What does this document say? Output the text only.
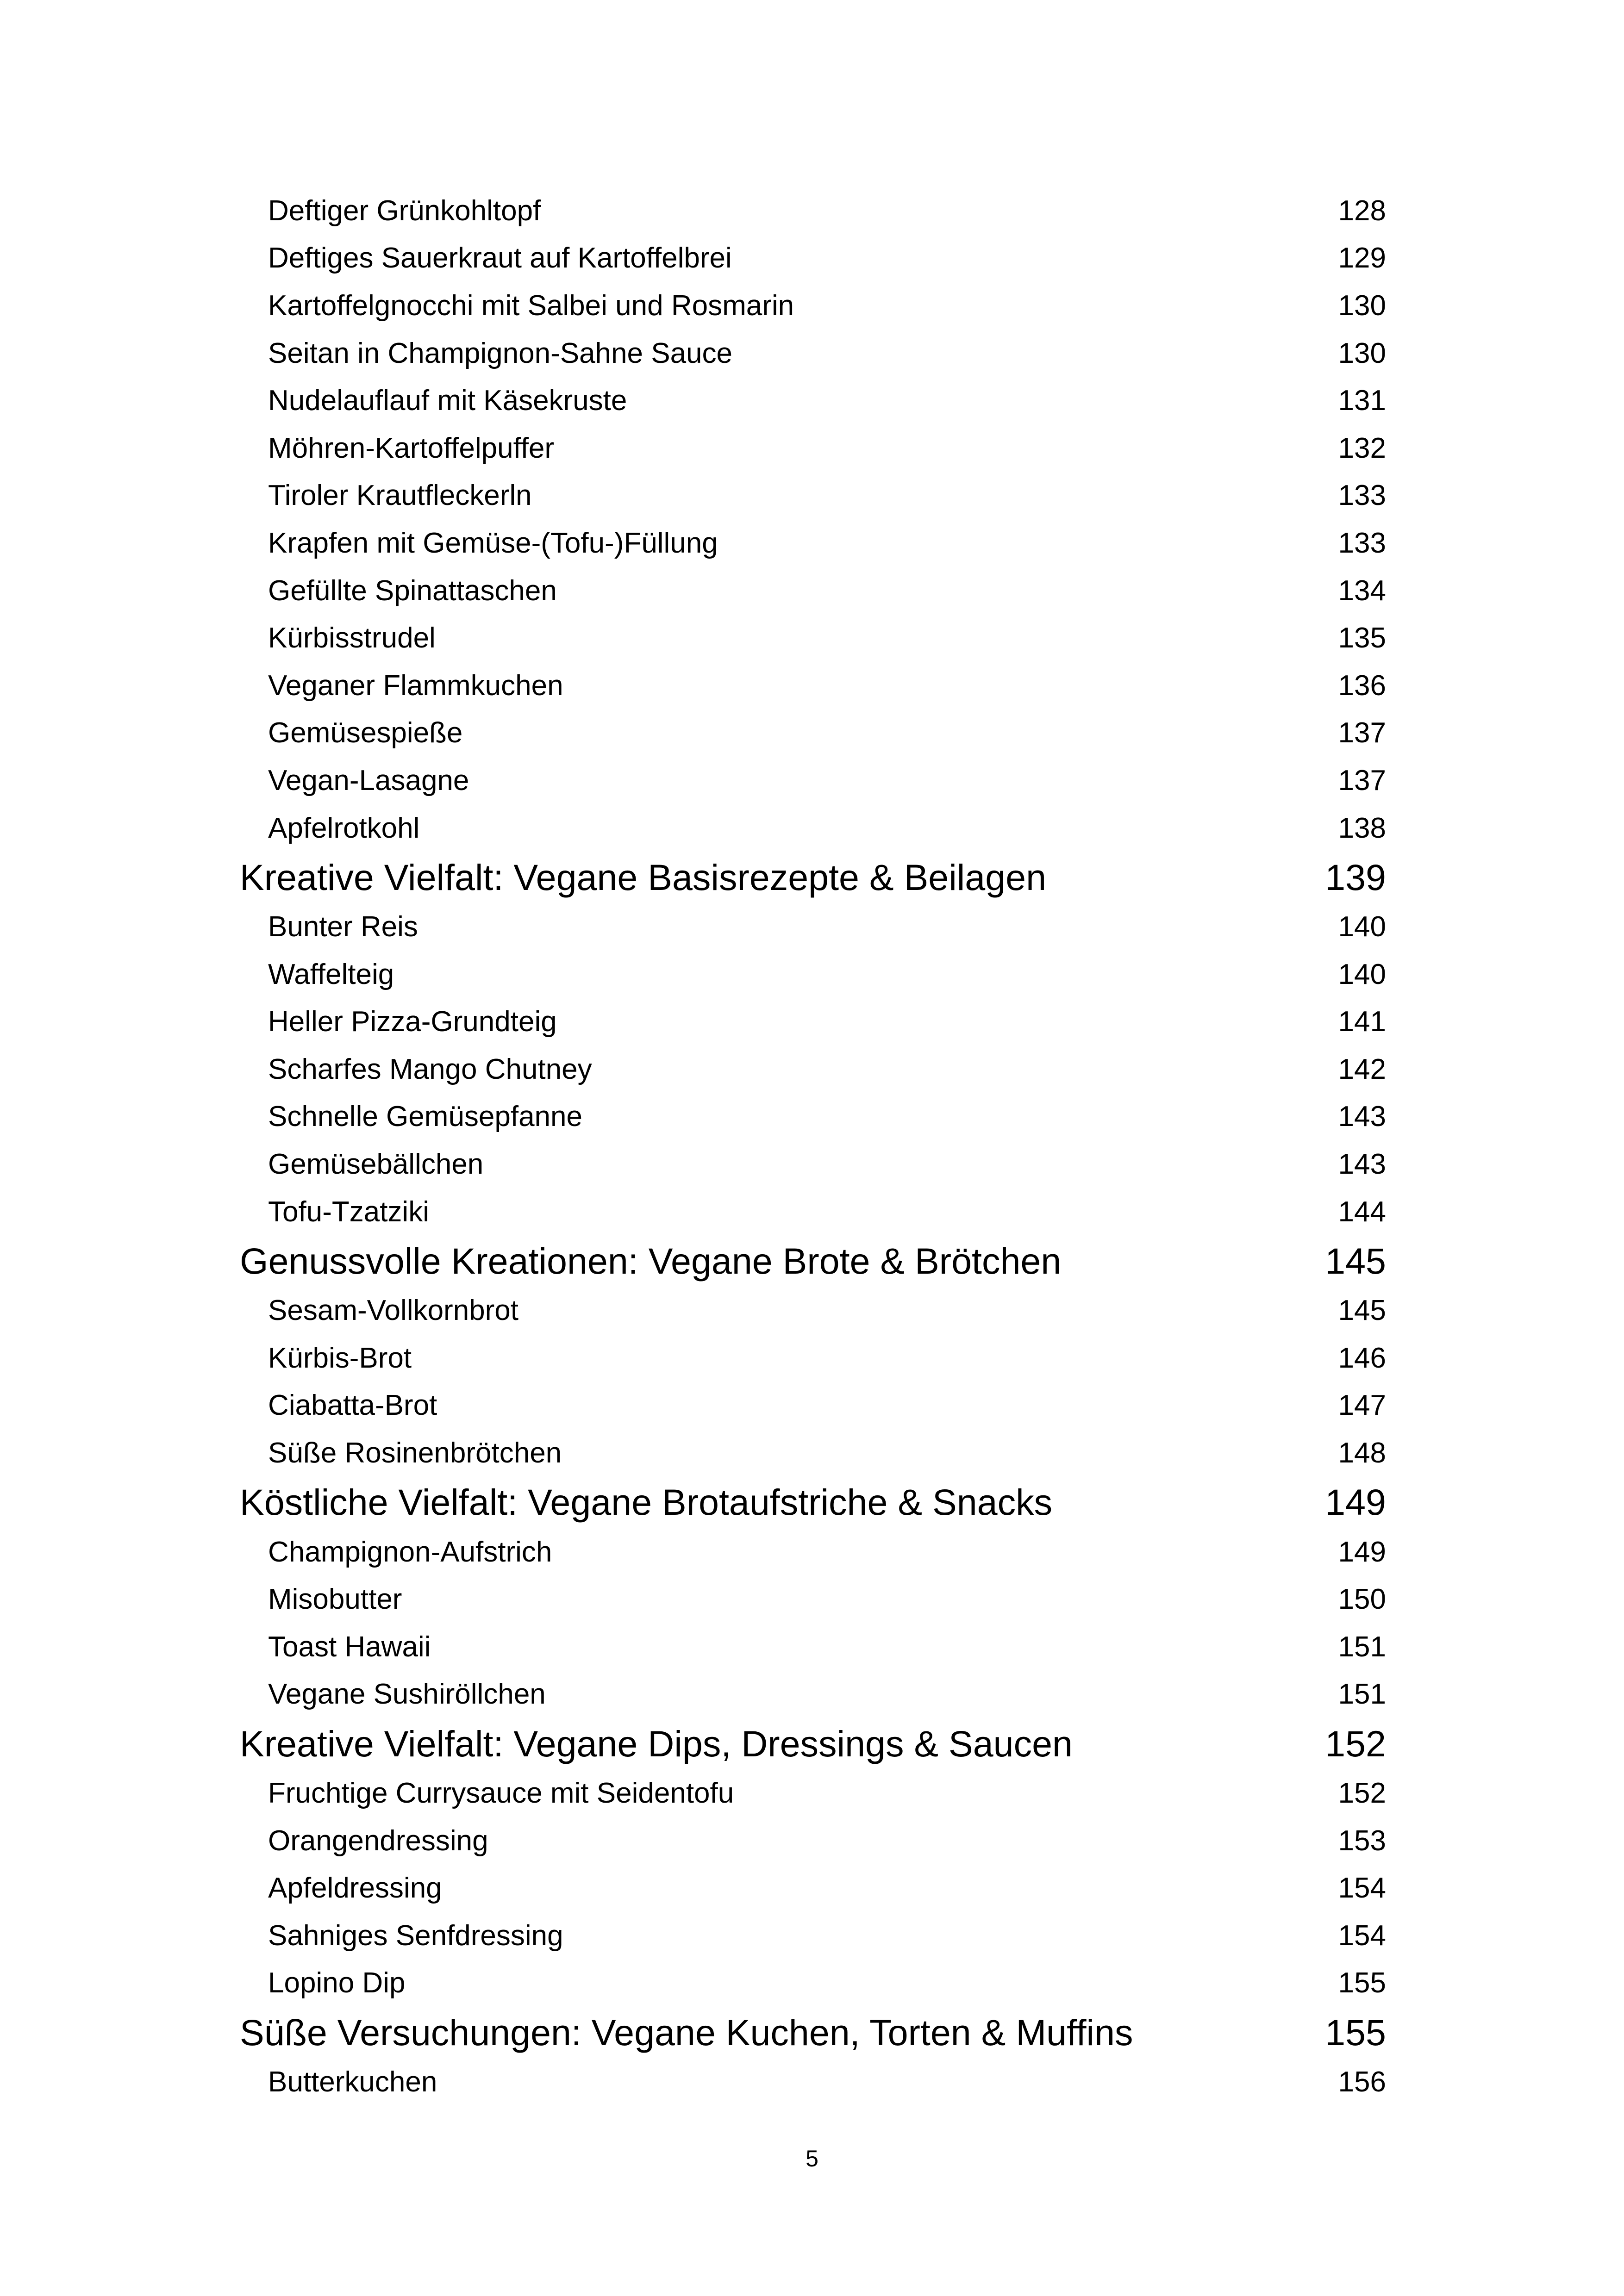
Deftiger Grünkohltopf	128
Deftiges Sauerkraut auf Kartoffelbrei	129
Kartoffelgnocchi mit Salbei und Rosmarin	130
Seitan in Champignon-Sahne Sauce	130
Nudelauflauf mit Käsekruste	131
Möhren-Kartoffelpuffer	132
Tiroler Krautfleckerln	133
Krapfen mit Gemüse-(Tofu-)Füllung	133
Gefüllte Spinattaschen	134
Kürbisstrudel	135
Veganer Flammkuchen	136
Gemüsespieße	137
Vegan-Lasagne	137
Apfelrotkohl	138
Kreative Vielfalt: Vegane Basisrezepte & Beilagen	139
Bunter Reis	140
Waffelteig	140
Heller Pizza-Grundteig	141
Scharfes Mango Chutney	142
Schnelle Gemüsepfanne	143
Gemüsebällchen	143
Tofu-Tzatziki	144
Genussvolle Kreationen: Vegane Brote & Brötchen	145
Sesam-Vollkornbrot	145
Kürbis-Brot	146
Ciabatta-Brot	147
Süße Rosinenbrötchen	148
Köstliche Vielfalt: Vegane Brotaufstriche & Snacks	149
Champignon-Aufstrich	149
Misobutter	150
Toast Hawaii	151
Vegane Sushiröllchen	151
Kreative Vielfalt: Vegane Dips, Dressings & Saucen	152
Fruchtige Currysauce mit Seidentofu	152
Orangendressing	153
Apfeldressing	154
Sahniges Senfdressing	154
Lopino Dip	155
Süße Versuchungen: Vegane Kuchen, Torten & Muffins	155
Butterkuchen	156
5
